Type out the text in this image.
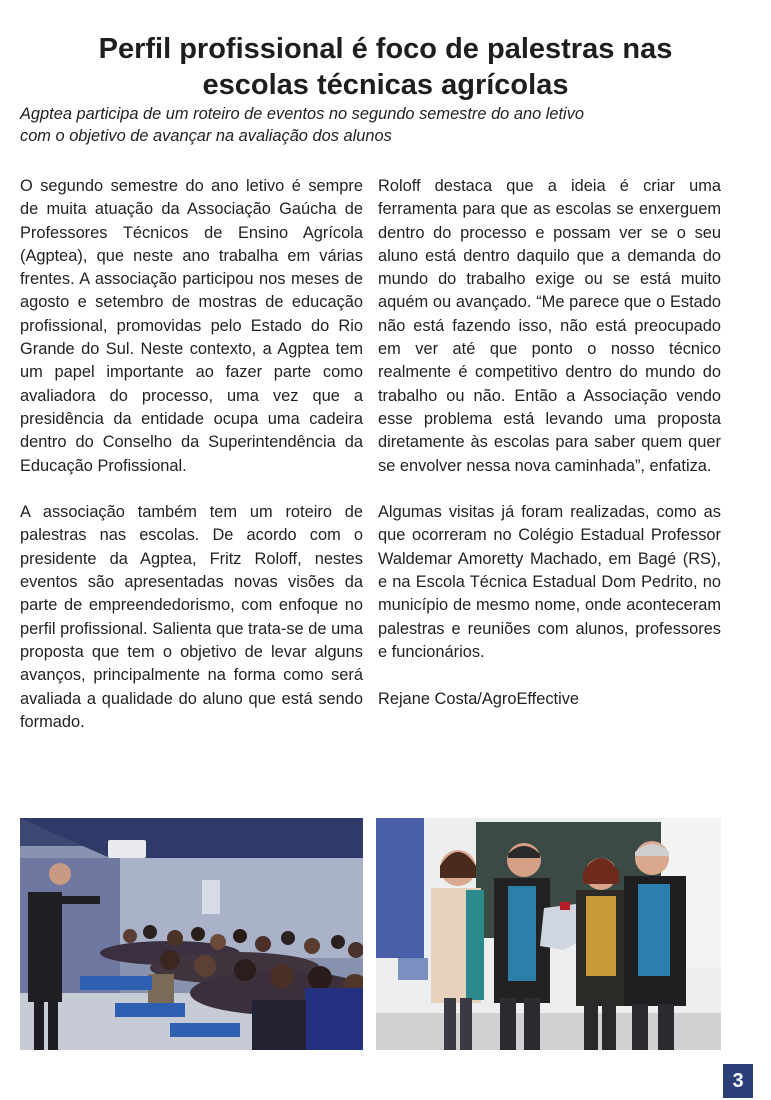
Perfil profissional é foco de palestras nas
escolas técnicas agrícolas
Agptea participa de um roteiro de eventos no segundo semestre do ano letivo
com o objetivo de avançar na avaliação dos alunos

O segundo semestre do ano letivo é sempre de muita atuação da Associação Gaúcha de Professores Técnicos de Ensino Agrícola (Agptea), que neste ano trabalha em várias frentes. A associação participou nos meses de agosto e setembro de mostras de educação profissional, promovidas pelo Estado do Rio Grande do Sul. Neste contexto, a Agptea tem um papel importante ao fazer parte como avaliadora do processo, uma vez que a presidência da entidade ocupa uma cadeira dentro do Conselho da Superintendência da Educação Profissional.

A associação também tem um roteiro de palestras nas escolas. De acordo com o presidente da Agptea, Fritz Roloff, nestes eventos são apresentadas novas visões da parte de empreendedorismo, com enfoque no perfil profissional. Salienta que trata-se de uma proposta que tem o objetivo de levar alguns avanços, principalmente na forma como será avaliada a qualidade do aluno que está sendo formado.

Roloff destaca que a ideia é criar uma ferramenta para que as escolas se enxerguem dentro do processo e possam ver se o seu aluno está dentro daquilo que a demanda do mundo do trabalho exige ou se está muito aquém ou avançado. “Me parece que o Estado não está fazendo isso, não está preocupado em ver até que ponto o nosso técnico realmente é competitivo dentro do mundo do trabalho ou não. Então a Associação vendo esse problema está levando uma proposta diretamente às escolas para saber quem quer se envolver nessa nova caminhada”, enfatiza.

Algumas visitas já foram realizadas, como as que ocorreram no Colégio Estadual Professor Waldemar Amoretty Machado, em Bagé (RS), e na Escola Técnica Estadual Dom Pedrito, no município de mesmo nome, onde aconteceram palestras e reuniões com alunos, professores e funcionários.

Rejane Costa/AgroEffective

3
